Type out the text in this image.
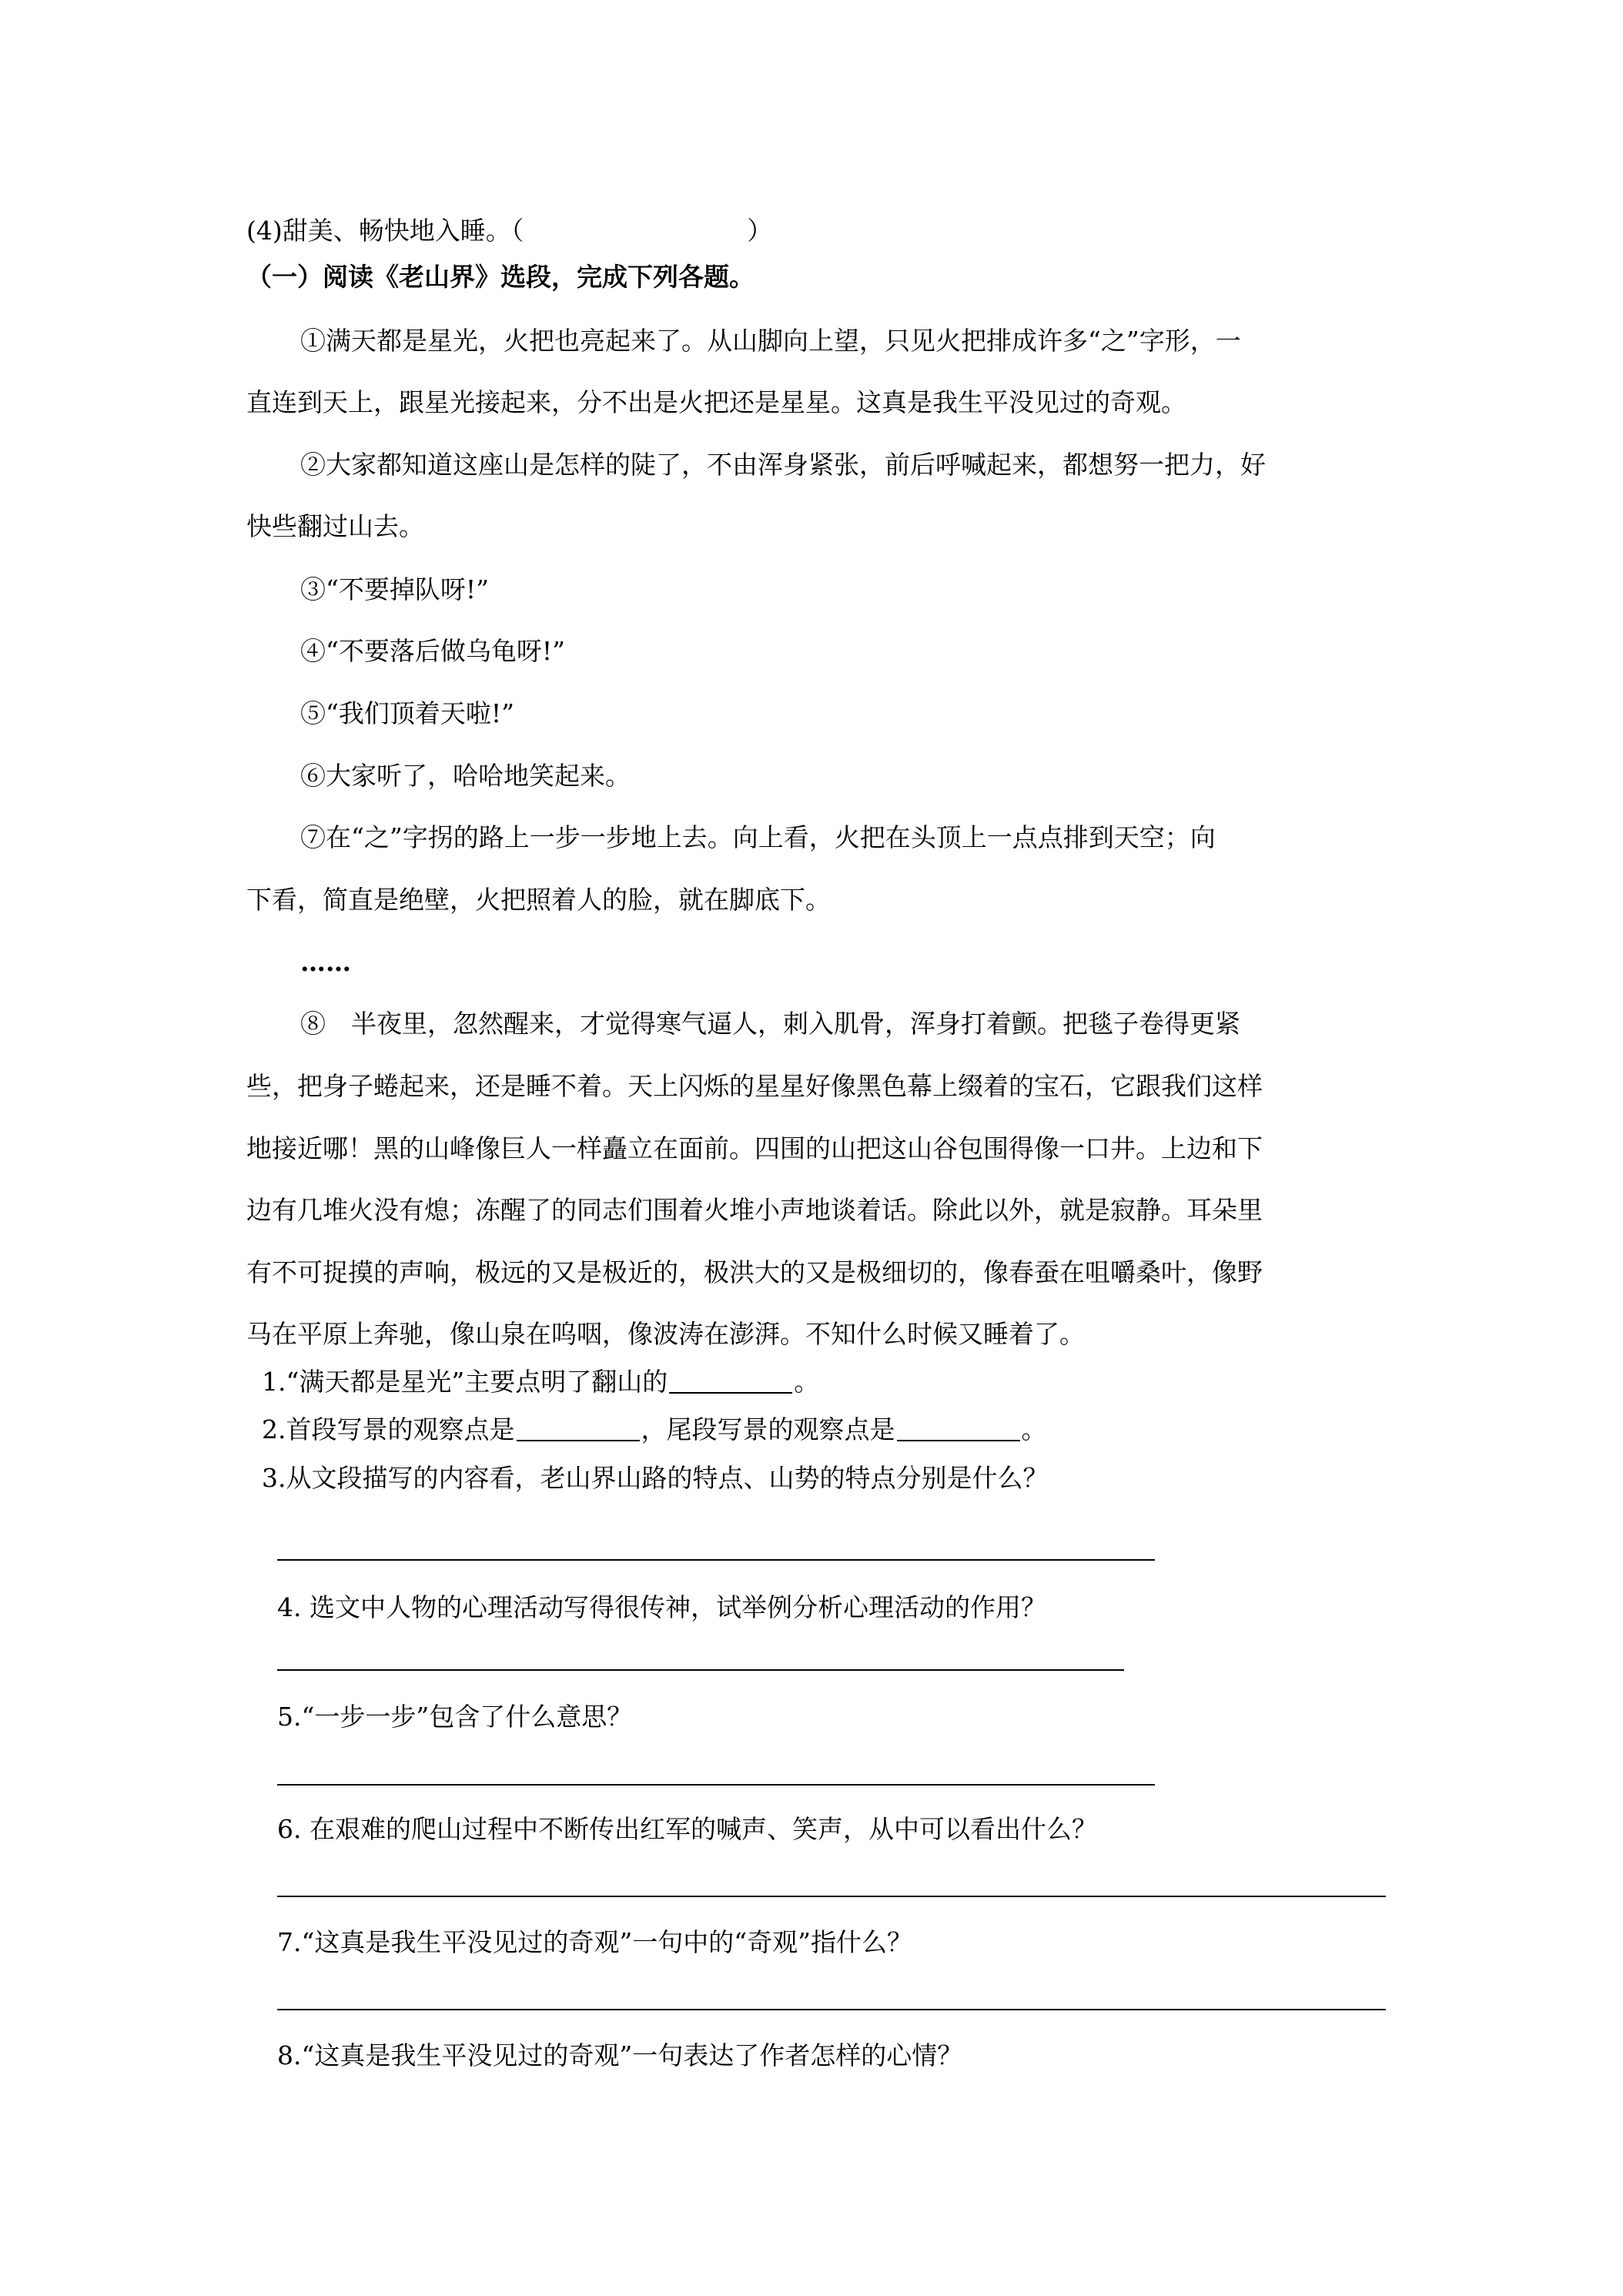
(4)甜美、畅快地入睡。（	）

（一）阅读《老山界》选段，完成下列各题。

①满天都是星光，火把也亮起来了。从山脚向上望，只见火把排成许多“之”字形，一

直连到天上，跟星光接起来，分不出是火把还是星星。这真是我生平没见过的奇观。

②大家都知道这座山是怎样的陡了，不由浑身紧张，前后呼喊起来，都想努一把力，好

快些翻过山去。

③“不要掉队呀!”

④“不要落后做乌龟呀!”

⑤“我们顶着天啦!”

⑥大家听了，哈哈地笑起来。

⑦在“之”字拐的路上一步一步地上去。向上看，火把在头顶上一点点排到天空；向

下看，简直是绝壁，火把照着人的脸，就在脚底下。

……

⑧　半夜里，忽然醒来，才觉得寒气逼人，刺入肌骨，浑身打着颤。把毯子卷得更紧

些，把身子蜷起来，还是睡不着。天上闪烁的星星好像黑色幕上缀着的宝石，它跟我们这样

地接近哪！黑的山峰像巨人一样矗立在面前。四围的山把这山谷包围得像一口井。上边和下

边有几堆火没有熄；冻醒了的同志们围着火堆小声地谈着话。除此以外，就是寂静。耳朵里

有不可捉摸的声响，极远的又是极近的，极洪大的又是极细切的，像春蚕在咀嚼桑叶，像野

马在平原上奔驰，像山泉在呜咽，像波涛在澎湃。不知什么时候又睡着了。

1.“满天都是星光”主要点明了翻山的	。

2.首段写景的观察点是	，尾段写景的观察点是	。

3.从文段描写的内容看，老山界山路的特点、山势的特点分别是什么？

4. 选文中人物的心理活动写得很传神，试举例分析心理活动的作用？

5.“一步一步”包含了什么意思？

6. 在艰难的爬山过程中不断传出红军的喊声、笑声，从中可以看出什么？

7.“这真是我生平没见过的奇观”一句中的“奇观”指什么？

8.“这真是我生平没见过的奇观”一句表达了作者怎样的心情？
